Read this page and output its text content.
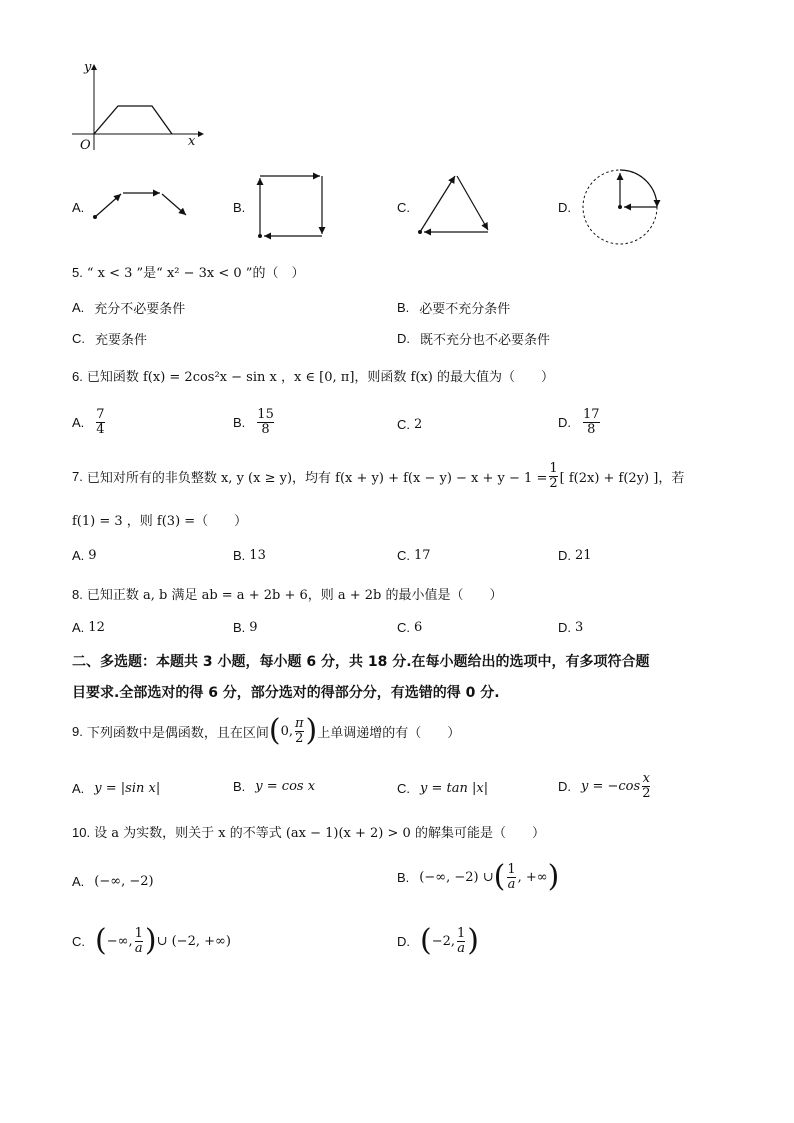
y
x
O
A.	B.	C.	D.
5. “ x < 3 ”是“ x² − 3x < 0 ”的（　）
A. 充分不必要条件	B. 必要不充分条件
C. 充要条件	D. 既不充分也不必要条件
6. 已知函数 f(x) = 2cos²x − sin x ，x ∈ [0, π]，则函数 f(x) 的最大值为（　　）
A. $\frac{7}{4}$	B. $\frac{15}{8}$	C. 2	D. $\frac{17}{8}$
7. 已知对所有的非负整数 x, y (x ≥ y)，均有 $f(x + y) + f(x - y) - x + y - 1 = \frac{1}{2}$ [ f(2x) + f(2y) ]，若
f(1) = 3 ，则 f(3) =（　　）
A. 9	B. 13	C. 17	D. 21
8. 已知正数 a, b 满足 ab = a + 2b + 6，则 a + 2b 的最小值是（　　）
A. 12	B. 9	C. 6	D. 3
二、多选题：本题共 3 小题，每小题 6 分，共 18 分.在每小题给出的选项中，有多项符合题
目要求.全部选对的得 6 分，部分选对的得部分分，有选错的得 0 分.
9. 下列函数中是偶函数，且在区间 ( 0, $\frac{\pi}{2}$ ) 上单调递增的有（　　）
A. y = |sin x|	B. y = cos x	C. y = tan |x|	D. $y = -\cos \frac{x}{2}$
10. 设 a 为实数，则关于 x 的不等式 (ax − 1)(x + 2) > 0 的解集可能是（　　）
A. (−∞, −2)	B. (−∞, −2) ∪ ( $\frac{1}{a}$ , +∞ )
C. ( −∞, $\frac{1}{a}$ ) ∪ (−2, +∞)	D. ( −2, $\frac{1}{a}$ )
